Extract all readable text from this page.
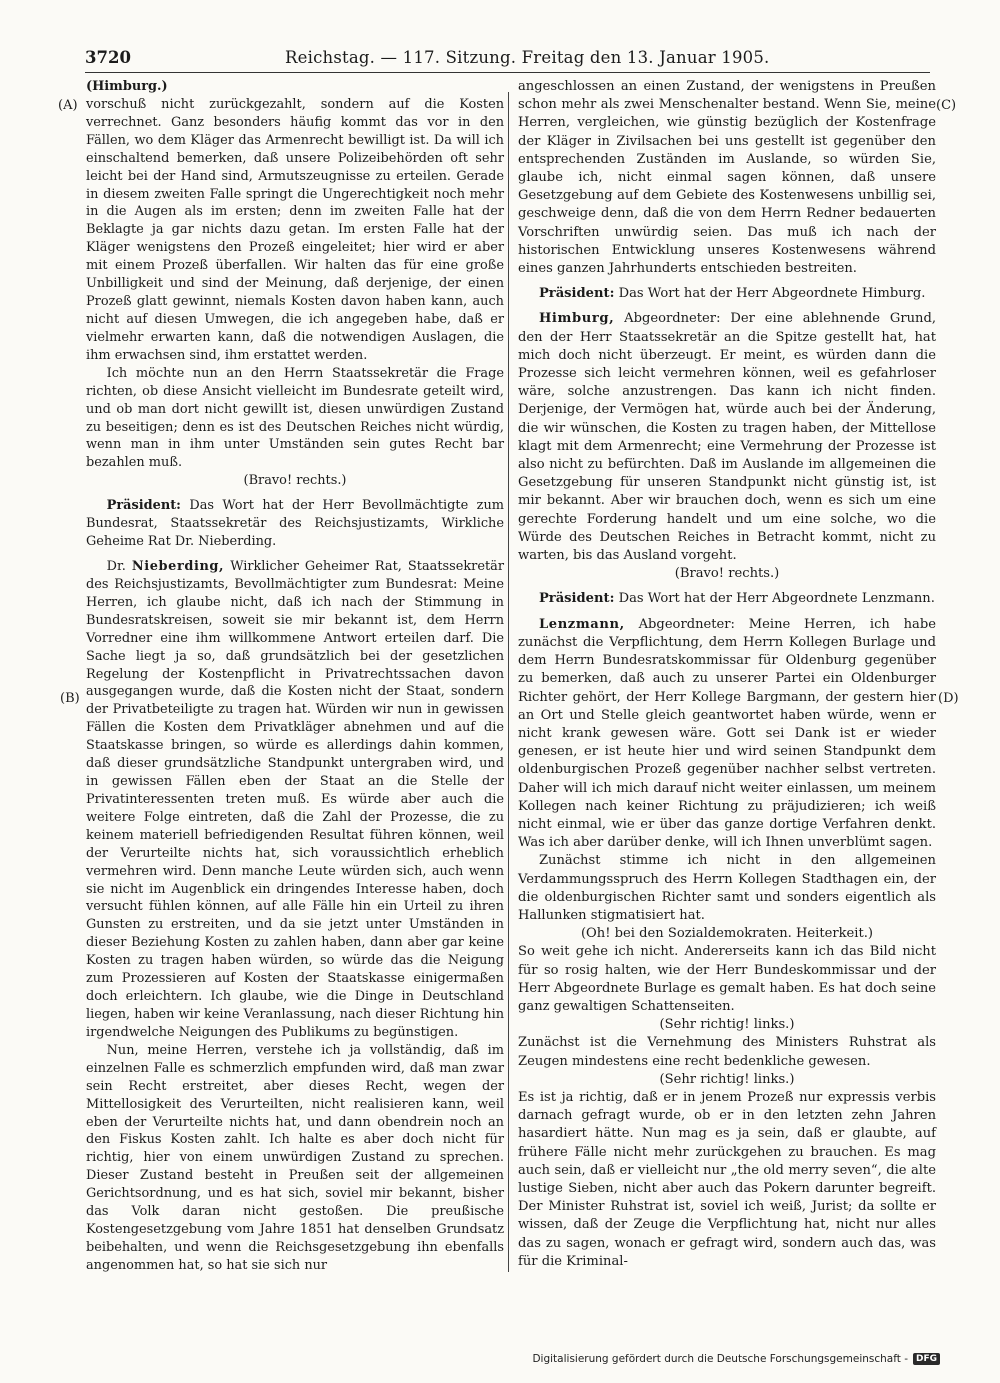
3720	Reichstag. — 117. Sitzung. Freitag den 13. Januar 1905.
(A)
(B)
(C)
(D)

(Himburg.)

vorschuß nicht zurückgezahlt, sondern auf die Kosten verrechnet. Ganz besonders häufig kommt das vor in den Fällen, wo dem Kläger das Armenrecht bewilligt ist. Da will ich einschaltend bemerken, daß unsere Polizeibehörden oft sehr leicht bei der Hand sind, Armutszeugnisse zu erteilen. Gerade in diesem zweiten Falle springt die Ungerechtigkeit noch mehr in die Augen als im ersten; denn im zweiten Falle hat der Beklagte ja gar nichts dazu getan. Im ersten Falle hat der Kläger wenigstens den Prozeß eingeleitet; hier wird er aber mit einem Prozeß überfallen. Wir halten das für eine große Unbilligkeit und sind der Meinung, daß derjenige, der einen Prozeß glatt gewinnt, niemals Kosten davon haben kann, auch nicht auf diesen Umwegen, die ich angegeben habe, daß er vielmehr erwarten kann, daß die notwendigen Auslagen, die ihm erwachsen sind, ihm erstattet werden.

Ich möchte nun an den Herrn Staatssekretär die Frage richten, ob diese Ansicht vielleicht im Bundesrate geteilt wird, und ob man dort nicht gewillt ist, diesen unwürdigen Zustand zu beseitigen; denn es ist des Deutschen Reiches nicht würdig, wenn man in ihm unter Umständen sein gutes Recht bar bezahlen muß.

(Bravo! rechts.)

Präsident: Das Wort hat der Herr Bevollmächtigte zum Bundesrat, Staatssekretär des Reichsjustizamts, Wirkliche Geheime Rat Dr. Nieberding.

Dr. Nieberding, Wirklicher Geheimer Rat, Staatssekretär des Reichsjustizamts, Bevollmächtigter zum Bundesrat: Meine Herren, ich glaube nicht, daß ich nach der Stimmung in Bundesratskreisen, soweit sie mir bekannt ist, dem Herrn Vorredner eine ihm willkommene Antwort erteilen darf. Die Sache liegt ja so, daß grundsätzlich bei der gesetzlichen Regelung der Kostenpflicht in Privatrechtssachen davon ausgegangen wurde, daß die Kosten nicht der Staat, sondern der Privatbeteiligte zu tragen hat. Würden wir nun in gewissen Fällen die Kosten dem Privatkläger abnehmen und auf die Staatskasse bringen, so würde es allerdings dahin kommen, daß dieser grundsätzliche Standpunkt untergraben wird, und in gewissen Fällen eben der Staat an die Stelle der Privatinteressenten treten muß. Es würde aber auch die weitere Folge eintreten, daß die Zahl der Prozesse, die zu keinem materiell befriedigenden Resultat führen können, weil der Verurteilte nichts hat, sich voraussichtlich erheblich vermehren wird. Denn manche Leute würden sich, auch wenn sie nicht im Augenblick ein dringendes Interesse haben, doch versucht fühlen können, auf alle Fälle hin ein Urteil zu ihren Gunsten zu erstreiten, und da sie jetzt unter Umständen in dieser Beziehung Kosten zu zahlen haben, dann aber gar keine Kosten zu tragen haben würden, so würde das die Neigung zum Prozessieren auf Kosten der Staatskasse einigermaßen doch erleichtern. Ich glaube, wie die Dinge in Deutschland liegen, haben wir keine Veranlassung, nach dieser Richtung hin irgendwelche Neigungen des Publikums zu begünstigen.

Nun, meine Herren, verstehe ich ja vollständig, daß im einzelnen Falle es schmerzlich empfunden wird, daß man zwar sein Recht erstreitet, aber dieses Recht, wegen der Mittellosigkeit des Verurteilten, nicht realisieren kann, weil eben der Verurteilte nichts hat, und dann obendrein noch an den Fiskus Kosten zahlt. Ich halte es aber doch nicht für richtig, hier von einem unwürdigen Zustand zu sprechen. Dieser Zustand besteht in Preußen seit der allgemeinen Gerichtsordnung, und es hat sich, soviel mir bekannt, bisher das Volk daran nicht gestoßen. Die preußische Kostengesetzgebung vom Jahre 1851 hat denselben Grundsatz beibehalten, und wenn die Reichsgesetzgebung ihn ebenfalls angenommen hat, so hat sie sich nur

angeschlossen an einen Zustand, der wenigstens in Preußen schon mehr als zwei Menschenalter bestand. Wenn Sie, meine Herren, vergleichen, wie günstig bezüglich der Kostenfrage der Kläger in Zivilsachen bei uns gestellt ist gegenüber den entsprechenden Zuständen im Auslande, so würden Sie, glaube ich, nicht einmal sagen können, daß unsere Gesetzgebung auf dem Gebiete des Kostenwesens unbillig sei, geschweige denn, daß die von dem Herrn Redner bedauerten Vorschriften unwürdig seien. Das muß ich nach der historischen Entwicklung unseres Kostenwesens während eines ganzen Jahrhunderts entschieden bestreiten.

Präsident: Das Wort hat der Herr Abgeordnete Himburg.

Himburg, Abgeordneter: Der eine ablehnende Grund, den der Herr Staatssekretär an die Spitze gestellt hat, hat mich doch nicht überzeugt. Er meint, es würden dann die Prozesse sich leicht vermehren können, weil es gefahrloser wäre, solche anzustrengen. Das kann ich nicht finden. Derjenige, der Vermögen hat, würde auch bei der Änderung, die wir wünschen, die Kosten zu tragen haben, der Mittellose klagt mit dem Armenrecht; eine Vermehrung der Prozesse ist also nicht zu befürchten. Daß im Auslande im allgemeinen die Gesetzgebung für unseren Standpunkt nicht günstig ist, ist mir bekannt. Aber wir brauchen doch, wenn es sich um eine gerechte Forderung handelt und um eine solche, wo die Würde des Deutschen Reiches in Betracht kommt, nicht zu warten, bis das Ausland vorgeht.

(Bravo! rechts.)

Präsident: Das Wort hat der Herr Abgeordnete Lenzmann.

Lenzmann, Abgeordneter: Meine Herren, ich habe zunächst die Verpflichtung, dem Herrn Kollegen Burlage und dem Herrn Bundesratskommissar für Oldenburg gegenüber zu bemerken, daß auch zu unserer Partei ein Oldenburger Richter gehört, der Herr Kollege Bargmann, der gestern hier an Ort und Stelle gleich geantwortet haben würde, wenn er nicht krank gewesen wäre. Gott sei Dank ist er wieder genesen, er ist heute hier und wird seinen Standpunkt dem oldenburgischen Prozeß gegenüber nachher selbst vertreten. Daher will ich mich darauf nicht weiter einlassen, um meinem Kollegen nach keiner Richtung zu präjudizieren; ich weiß nicht einmal, wie er über das ganze dortige Verfahren denkt. Was ich aber darüber denke, will ich Ihnen unverblümt sagen.

Zunächst stimme ich nicht in den allgemeinen Verdammungsspruch des Herrn Kollegen Stadthagen ein, der die oldenburgischen Richter samt und sonders eigentlich als Hallunken stigmatisiert hat.

(Oh! bei den Sozialdemokraten. Heiterkeit.)

So weit gehe ich nicht. Andererseits kann ich das Bild nicht für so rosig halten, wie der Herr Bundeskommissar und der Herr Abgeordnete Burlage es gemalt haben. Es hat doch seine ganz gewaltigen Schattenseiten.

(Sehr richtig! links.)

Zunächst ist die Vernehmung des Ministers Ruhstrat als Zeugen mindestens eine recht bedenkliche gewesen.

(Sehr richtig! links.)

Es ist ja richtig, daß er in jenem Prozeß nur expressis verbis darnach gefragt wurde, ob er in den letzten zehn Jahren hasardiert hätte. Nun mag es ja sein, daß er glaubte, auf frühere Fälle nicht mehr zurückgehen zu brauchen. Es mag auch sein, daß er vielleicht nur „the old merry seven“, die alte lustige Sieben, nicht aber auch das Pokern darunter begreift. Der Minister Ruhstrat ist, soviel ich weiß, Jurist; da sollte er wissen, daß der Zeuge die Verpflichtung hat, nicht nur alles das zu sagen, wonach er gefragt wird, sondern auch das, was für die Kriminal-

Digitalisierung gefördert durch die Deutsche Forschungsgemeinschaft - DFG
